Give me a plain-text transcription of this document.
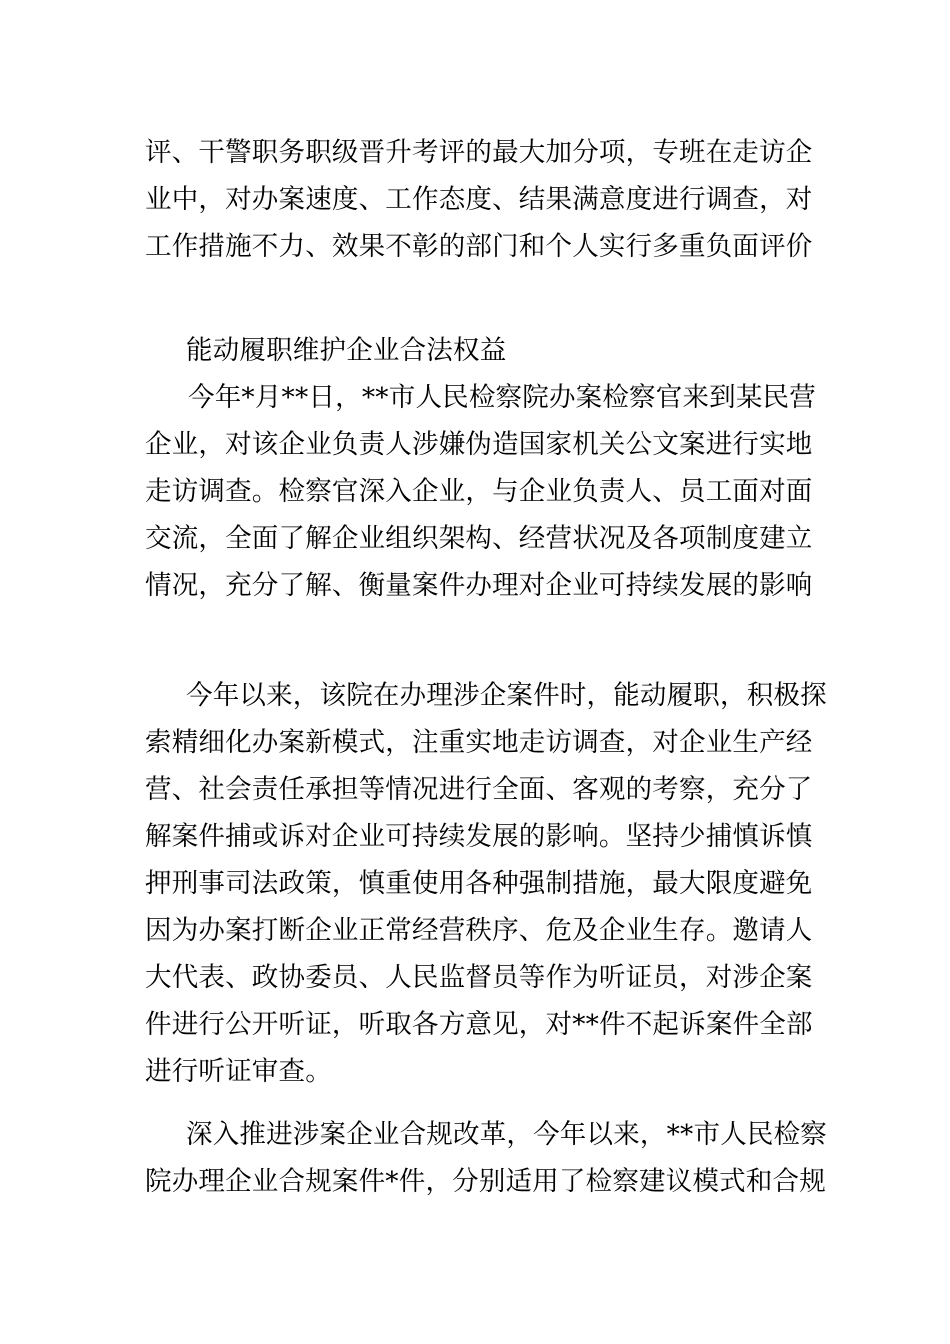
评、干警职务职级晋升考评的最大加分项，专班在走访企
业中，对办案速度、工作态度、结果满意度进行调查，对
工作措施不力、效果不彰的部门和个人实行多重负面评价
能动履职维护企业合法权益
今年*月**日，**市人民检察院办案检察官来到某民营
企业，对该企业负责人涉嫌伪造国家机关公文案进行实地
走访调查。检察官深入企业，与企业负责人、员工面对面
交流，全面了解企业组织架构、经营状况及各项制度建立
情况，充分了解、衡量案件办理对企业可持续发展的影响
今年以来，该院在办理涉企案件时，能动履职，积极探
索精细化办案新模式，注重实地走访调查，对企业生产经
营、社会责任承担等情况进行全面、客观的考察，充分了
解案件捕或诉对企业可持续发展的影响。坚持少捕慎诉慎
押刑事司法政策，慎重使用各种强制措施，最大限度避免
因为办案打断企业正常经营秩序、危及企业生存。邀请人
大代表、政协委员、人民监督员等作为听证员，对涉企案
件进行公开听证，听取各方意见，对**件不起诉案件全部
进行听证审查。
深入推进涉案企业合规改革，今年以来，**市人民检察
院办理企业合规案件*件，分别适用了检察建议模式和合规
